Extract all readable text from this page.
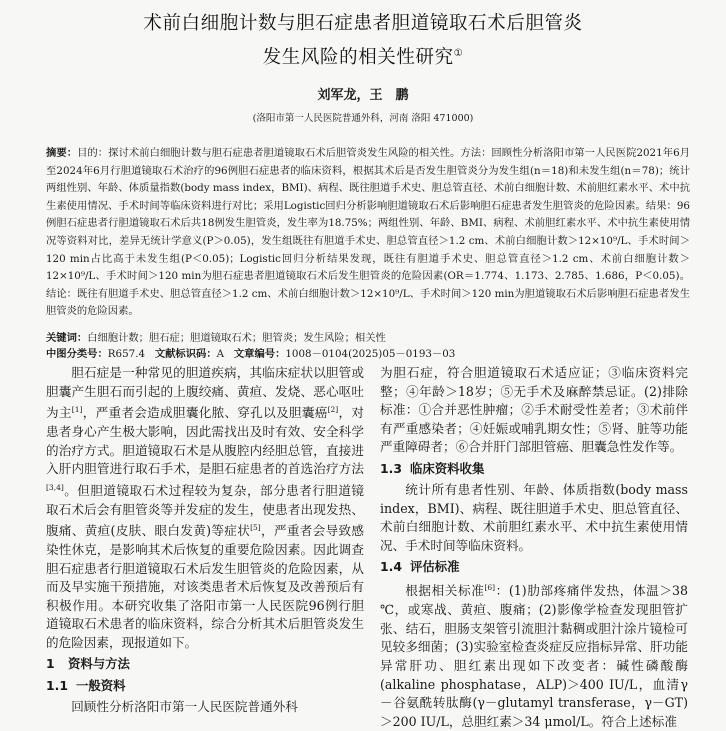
术前白细胞计数与胆石症患者胆道镜取石术后胆管炎
发生风险的相关性研究①
刘军龙，王　鹏
(洛阳市第一人民医院普通外科，河南 洛阳 471000)
摘要：目的：探讨术前白细胞计数与胆石症患者胆道镜取石术后胆管炎发生风险的相关性。方法：回顾性分析洛阳市第一人民医院2021年6月至2024年6月行胆道镜取石术治疗的96例胆石症患者的临床资料，根据其术后是否发生胆管炎分为发生组(n＝18)和未发生组(n＝78)；统计两组性别、年龄、体质量指数(body mass index，BMI)、病程、既往胆道手术史、胆总管直径、术前白细胞计数、术前胆红素水平、术中抗生素使用情况、手术时间等临床资料进行对比；采用Logistic回归分析影响胆道镜取石术后影响胆石症患者发生胆管炎的危险因素。结果：96例胆石症患者行胆道镜取石术后共18例发生胆管炎，发生率为18.75%；两组性别、年龄、BMI、病程、术前胆红素水平、术中抗生素使用情况等资料对比，差异无统计学意义(P＞0.05)，发生组既往有胆道手术史、胆总管直径＞1.2 cm、术前白细胞计数＞12×10⁹/L、手术时间＞120 min占比高于未发生组(P＜0.05)；Logistic回归分析结果发现，既往有胆道手术史、胆总管直径＞1.2 cm、术前白细胞计数＞12×10⁹/L、手术时间＞120 min为胆石症患者胆道镜取石术后发生胆管炎的危险因素(OR＝1.774、1.173、2.785、1.686，P＜0.05)。结论：既往有胆道手术史、胆总管直径＞1.2 cm、术前白细胞计数＞12×10⁹/L、手术时间＞120 min为胆道镜取石术后影响胆石症患者发生胆管炎的危险因素。
关键词：白细胞计数；胆石症；胆道镜取石术；胆管炎；发生风险；相关性
中图分类号：R657.4 文献标识码：A 文章编号：1008－0104(2025)05－0193－03

胆石症是一种常见的胆道疾病，其临床症状以胆管或胆囊产生胆石而引起的上腹绞痛、黄疸、发烧、恶心呕吐为主[1]，严重者会造成胆囊化脓、穿孔以及胆囊癌[2]，对患者身心产生极大影响，因此需找出及时有效、安全科学的治疗方式。胆道镜取石术是从腹腔内经胆总管，直接进入肝内胆管进行取石手术，是胆石症患者的首选治疗方法[3,4]。但胆道镜取石术过程较为复杂，部分患者行胆道镜取石术后会有胆管炎等并发症的发生，使患者出现发热、腹痛、黄疸(皮肤、眼白发黄)等症状[5]，严重者会导致感染性休克，是影响其术后恢复的重要危险因素。因此调查胆石症患者行胆道镜取石术后发生胆管炎的危险因素，从而及早实施干预措施，对该类患者术后恢复及改善预后有积极作用。本研究收集了洛阳市第一人民医院96例行胆道镜取石术患者的临床资料，综合分析其术后胆管炎发生的危险因素，现报道如下。

1 资料与方法
1.1 一般资料

回顾性分析洛阳市第一人民医院普通外科

为胆石症，符合胆道镜取石术适应证；③临床资料完整；④年龄＞18岁；⑤无手术及麻醉禁忌证。(2)排除标准：①合并恶性肿瘤；②手术耐受性差者；③术前伴有严重感染者；④妊娠或哺乳期女性；⑤肾、脏等功能严重障碍者；⑥合并肝门部胆管癌、胆囊急性发作等。

1.3 临床资料收集

统计所有患者性别、年龄、体质指数(body mass index，BMI)、病程、既往胆道手术史、胆总管直径、术前白细胞计数、术前胆红素水平、术中抗生素使用情况、手术时间等临床资料。

1.4 评估标准

根据相关标准[6]：(1)肋部疼痛伴发热，体温＞38 ℃，或寒战、黄疸、腹痛；(2)影像学检查发现胆管扩张、结石，胆肠支架管引流胆汁黏稠或胆汁涂片镜检可见较多细菌；(3)实验室检查炎症反应指标异常、肝功能异常肝功、胆红素出现如下改变者：碱性磷酸酶(alkaline phosphatase，ALP)＞400 IU/L，血清γ－谷氨酰转肽酶(γ－glutamyl transferase，γ－GT)＞200 IU/L，总胆红素＞34 μmol/L。符合上述标准
